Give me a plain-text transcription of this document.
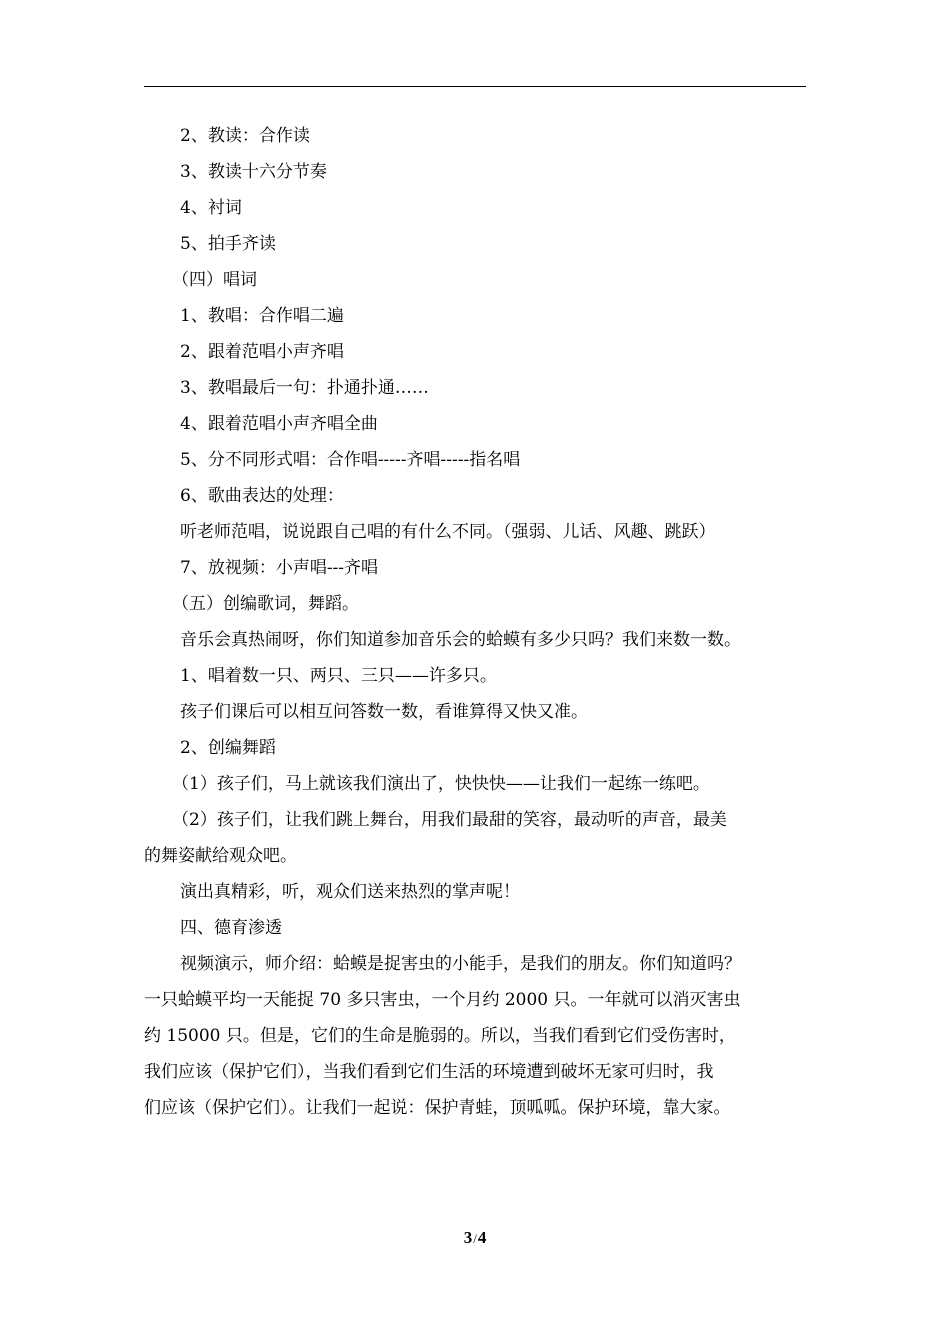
2、教读：合作读
3、教读十六分节奏
4、衬词
5、拍手齐读
（四）唱词
1、教唱：合作唱二遍
2、跟着范唱小声齐唱
3、教唱最后一句：扑通扑通……
4、跟着范唱小声齐唱全曲
5、分不同形式唱：合作唱-----齐唱-----指名唱
6、歌曲表达的处理：
听老师范唱，说说跟自己唱的有什么不同。（强弱、儿话、风趣、跳跃）
7、放视频：小声唱---齐唱
（五）创编歌词，舞蹈。
音乐会真热闹呀，你们知道参加音乐会的蛤蟆有多少只吗？我们来数一数。
1、唱着数一只、两只、三只——许多只。
孩子们课后可以相互问答数一数，看谁算得又快又准。
2、创编舞蹈
（1）孩子们，马上就该我们演出了，快快快——让我们一起练一练吧。
（2）孩子们，让我们跳上舞台，用我们最甜的笑容，最动听的声音，最美
的舞姿献给观众吧。
演出真精彩，听，观众们送来热烈的掌声呢！
四、德育渗透
视频演示，师介绍：蛤蟆是捉害虫的小能手，是我们的朋友。你们知道吗？
一只蛤蟆平均一天能捉 70 多只害虫，一个月约 2000 只。一年就可以消灭害虫
约 15000 只。但是，它们的生命是脆弱的。所以，当我们看到它们受伤害时，
我们应该（保护它们），当我们看到它们生活的环境遭到破坏无家可归时，我
们应该（保护它们）。让我们一起说：保护青蛙，顶呱呱。保护环境，靠大家。
3/4
